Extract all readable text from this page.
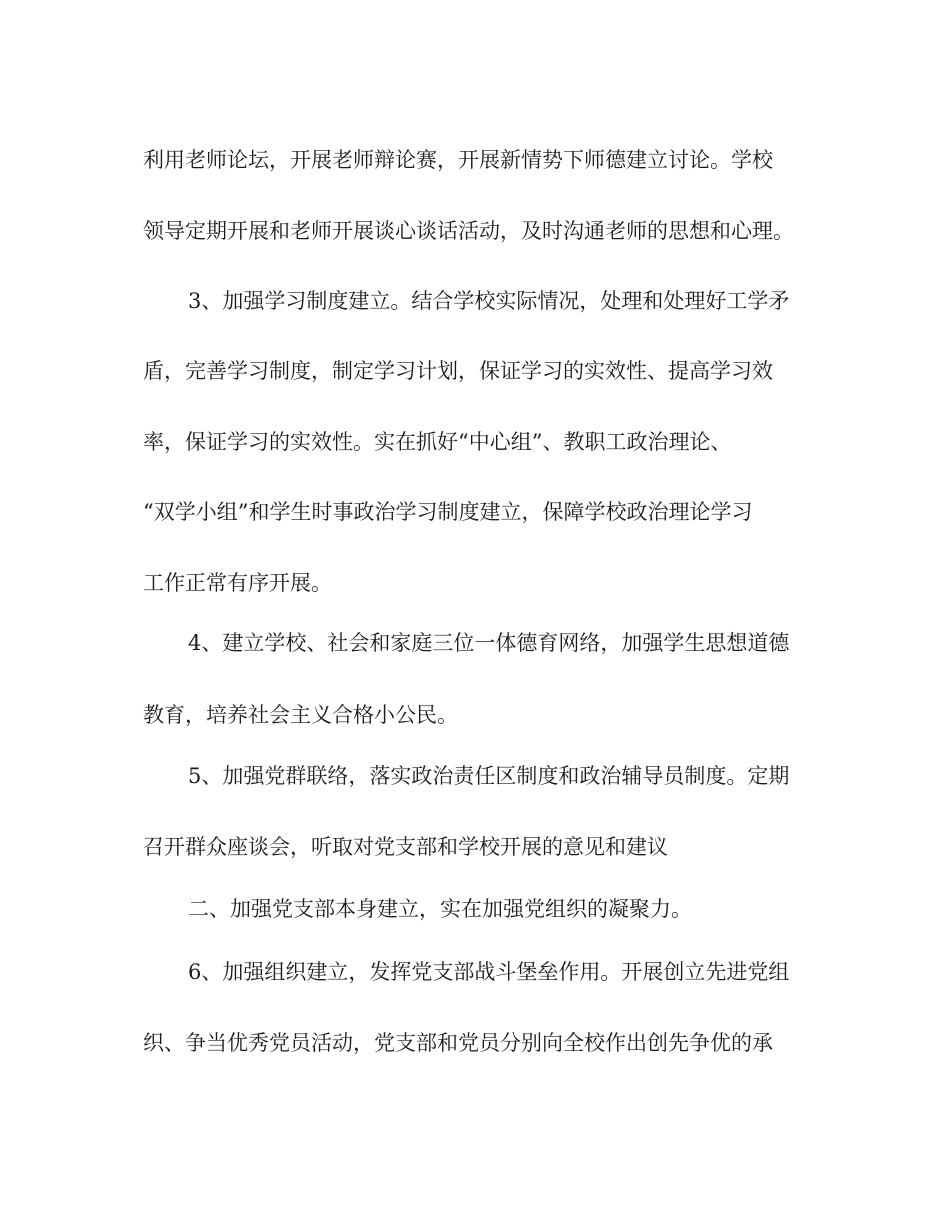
利用老师论坛，开展老师辩论赛，开展新情势下师德建立讨论。学校
领导定期开展和老师开展谈心谈话活动，及时沟通老师的思想和心理。
3、加强学习制度建立。结合学校实际情况，处理和处理好工学矛
盾，完善学习制度，制定学习计划，保证学习的实效性、提高学习效
率，保证学习的实效性。实在抓好“中心组”、教职工政治理论、
“双学小组”和学生时事政治学习制度建立，保障学校政治理论学习
工作正常有序开展。
4、建立学校、社会和家庭三位一体德育网络，加强学生思想道德
教育，培养社会主义合格小公民。
5、加强党群联络，落实政治责任区制度和政治辅导员制度。定期
召开群众座谈会，听取对党支部和学校开展的意见和建议
二、加强党支部本身建立，实在加强党组织的凝聚力。
6、加强组织建立，发挥党支部战斗堡垒作用。开展创立先进党组
织、争当优秀党员活动，党支部和党员分别向全校作出创先争优的承
